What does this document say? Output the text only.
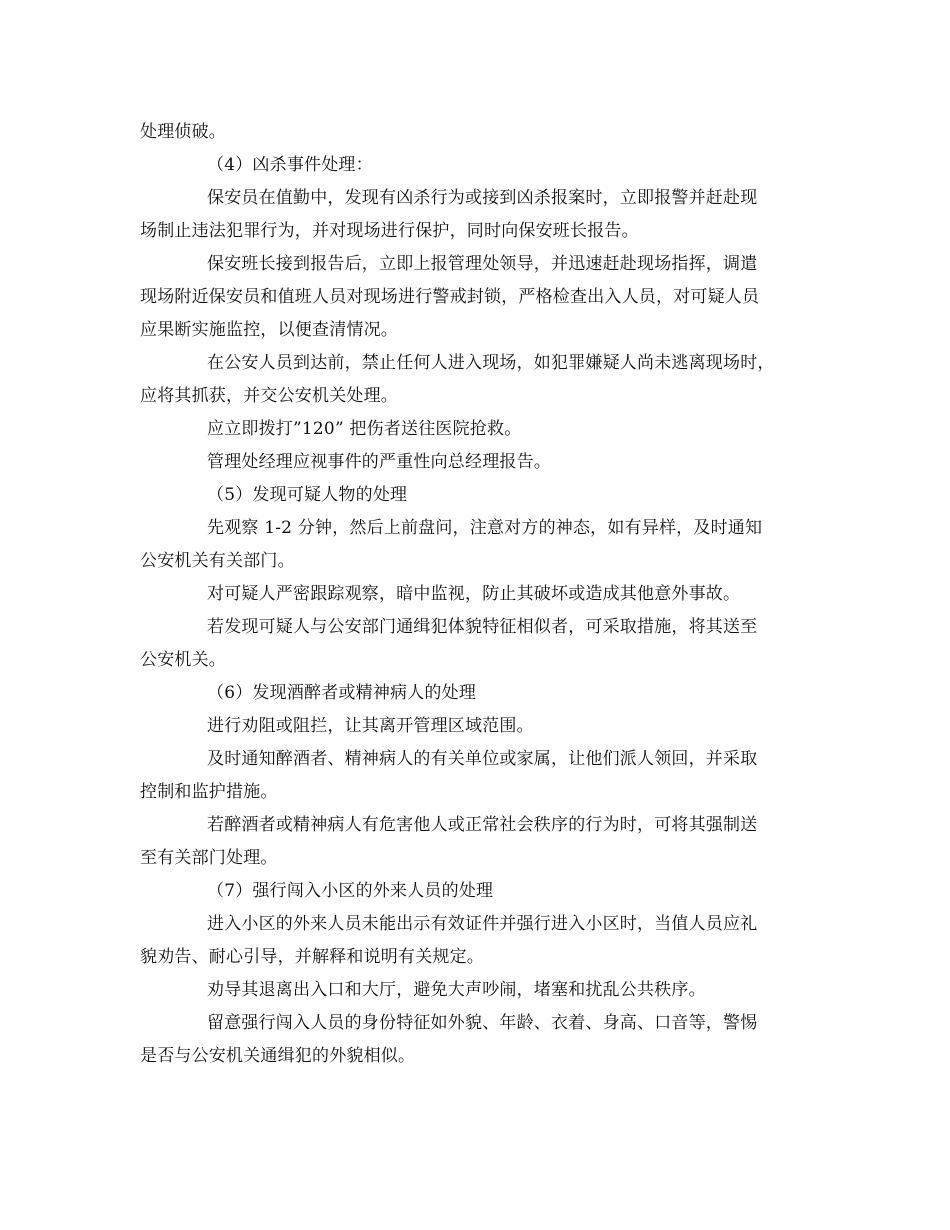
处理侦破。
（4）凶杀事件处理：
保安员在值勤中，发现有凶杀行为或接到凶杀报案时，立即报警并赶赴现
场制止违法犯罪行为，并对现场进行保护，同时向保安班长报告。
保安班长接到报告后，立即上报管理处领导，并迅速赶赴现场指挥，调遣
现场附近保安员和值班人员对现场进行警戒封锁，严格检查出入人员，对可疑人员
应果断实施监控，以便查清情况。
在公安人员到达前，禁止任何人进入现场，如犯罪嫌疑人尚未逃离现场时，
应将其抓获，并交公安机关处理。
应立即拨打”120” 把伤者送往医院抢救。
管理处经理应视事件的严重性向总经理报告。
（5）发现可疑人物的处理
先观察 1-2 分钟，然后上前盘问，注意对方的神态，如有异样，及时通知
公安机关有关部门。
对可疑人严密跟踪观察，暗中监视，防止其破坏或造成其他意外事故。
若发现可疑人与公安部门通缉犯体貌特征相似者，可采取措施，将其送至
公安机关。
（6）发现酒醉者或精神病人的处理
进行劝阻或阻拦，让其离开管理区域范围。
及时通知醉酒者、精神病人的有关单位或家属，让他们派人领回，并采取
控制和监护措施。
若醉酒者或精神病人有危害他人或正常社会秩序的行为时，可将其强制送
至有关部门处理。
（7）强行闯入小区的外来人员的处理
进入小区的外来人员未能出示有效证件并强行进入小区时，当值人员应礼
貌劝告、耐心引导，并解释和说明有关规定。
劝导其退离出入口和大厅，避免大声吵闹，堵塞和扰乱公共秩序。
留意强行闯入人员的身份特征如外貌、年龄、衣着、身高、口音等，警惕
是否与公安机关通缉犯的外貌相似。
